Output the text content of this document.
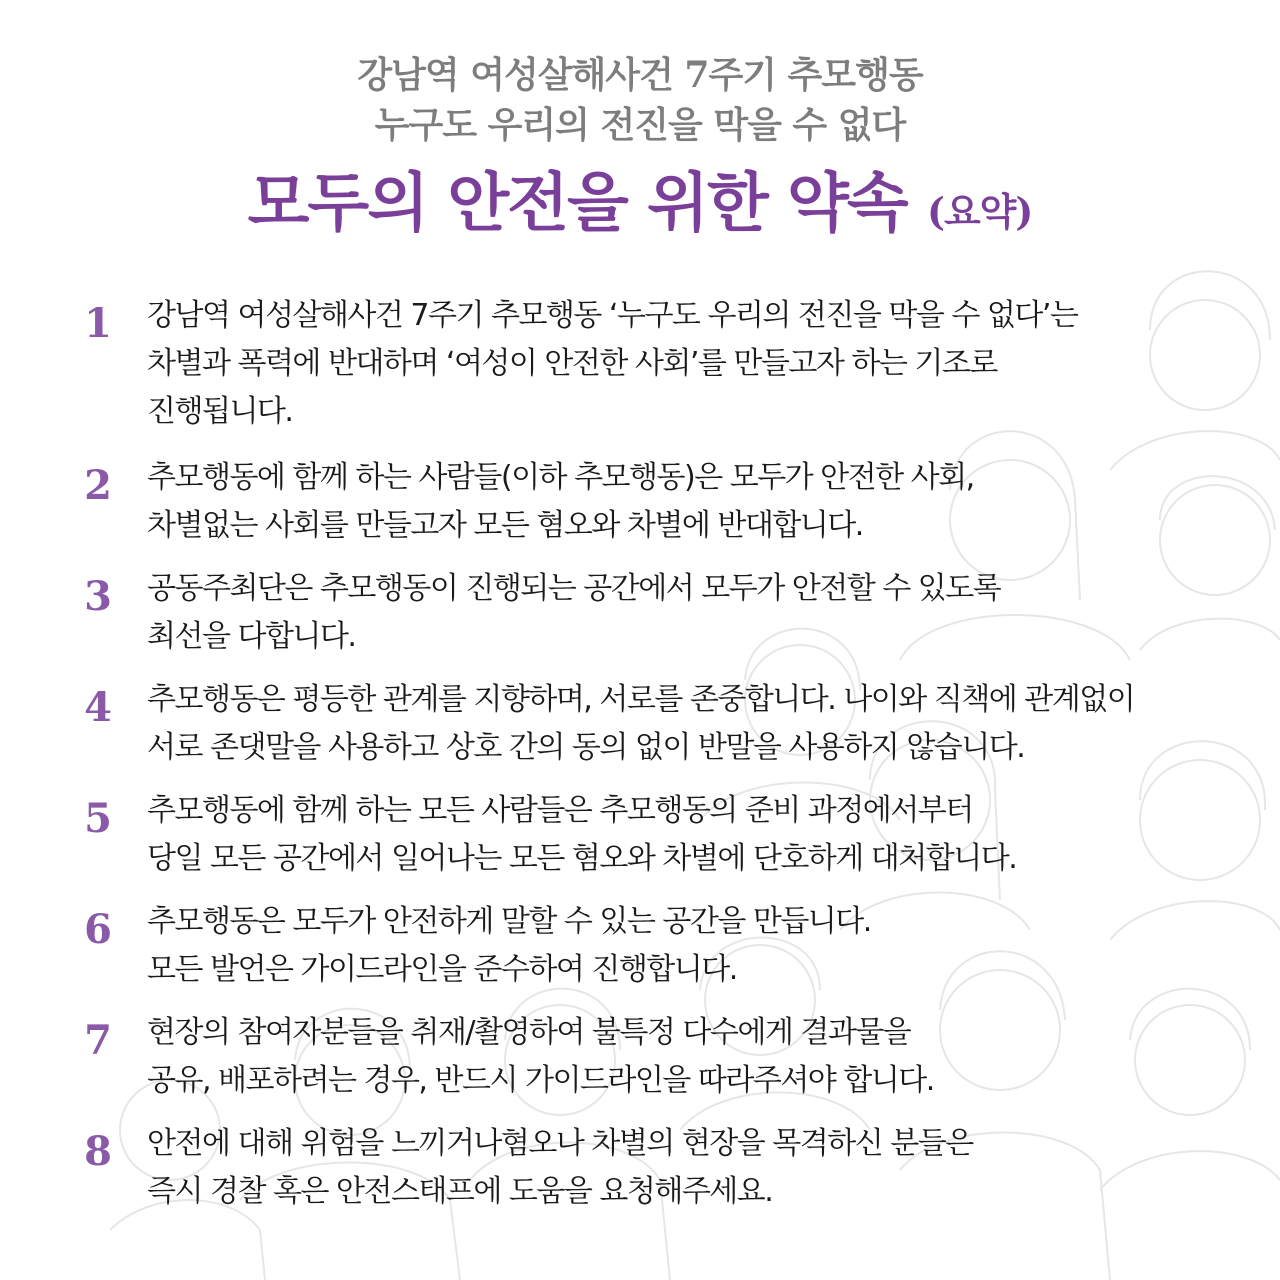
강남역 여성살해사건 7주기 추모행동
누구도 우리의 전진을 막을 수 없다
모두의 안전을 위한 약속 (요약)
1 강남역 여성살해사건 7주기 추모행동 ‘누구도 우리의 전진을 막을 수 없다’는
차별과 폭력에 반대하며 ‘여성이 안전한 사회’를 만들고자 하는 기조로
진행됩니다.
2 추모행동에 함께 하는 사람들(이하 추모행동)은 모두가 안전한 사회,
차별없는 사회를 만들고자 모든 혐오와 차별에 반대합니다.
3 공동주최단은 추모행동이 진행되는 공간에서 모두가 안전할 수 있도록
최선을 다합니다.
4 추모행동은 평등한 관계를 지향하며, 서로를 존중합니다. 나이와 직책에 관계없이
서로 존댓말을 사용하고 상호 간의 동의 없이 반말을 사용하지 않습니다.
5 추모행동에 함께 하는 모든 사람들은 추모행동의 준비 과정에서부터
당일 모든 공간에서 일어나는 모든 혐오와 차별에 단호하게 대처합니다.
6 추모행동은 모두가 안전하게 말할 수 있는 공간을 만듭니다.
모든 발언은 가이드라인을 준수하여 진행합니다.
7 현장의 참여자분들을 취재/촬영하여 불특정 다수에게 결과물을
공유, 배포하려는 경우, 반드시 가이드라인을 따라주셔야 합니다.
8 안전에 대해 위험을 느끼거나혐오나 차별의 현장을 목격하신 분들은
즉시 경찰 혹은 안전스태프에 도움을 요청해주세요.
